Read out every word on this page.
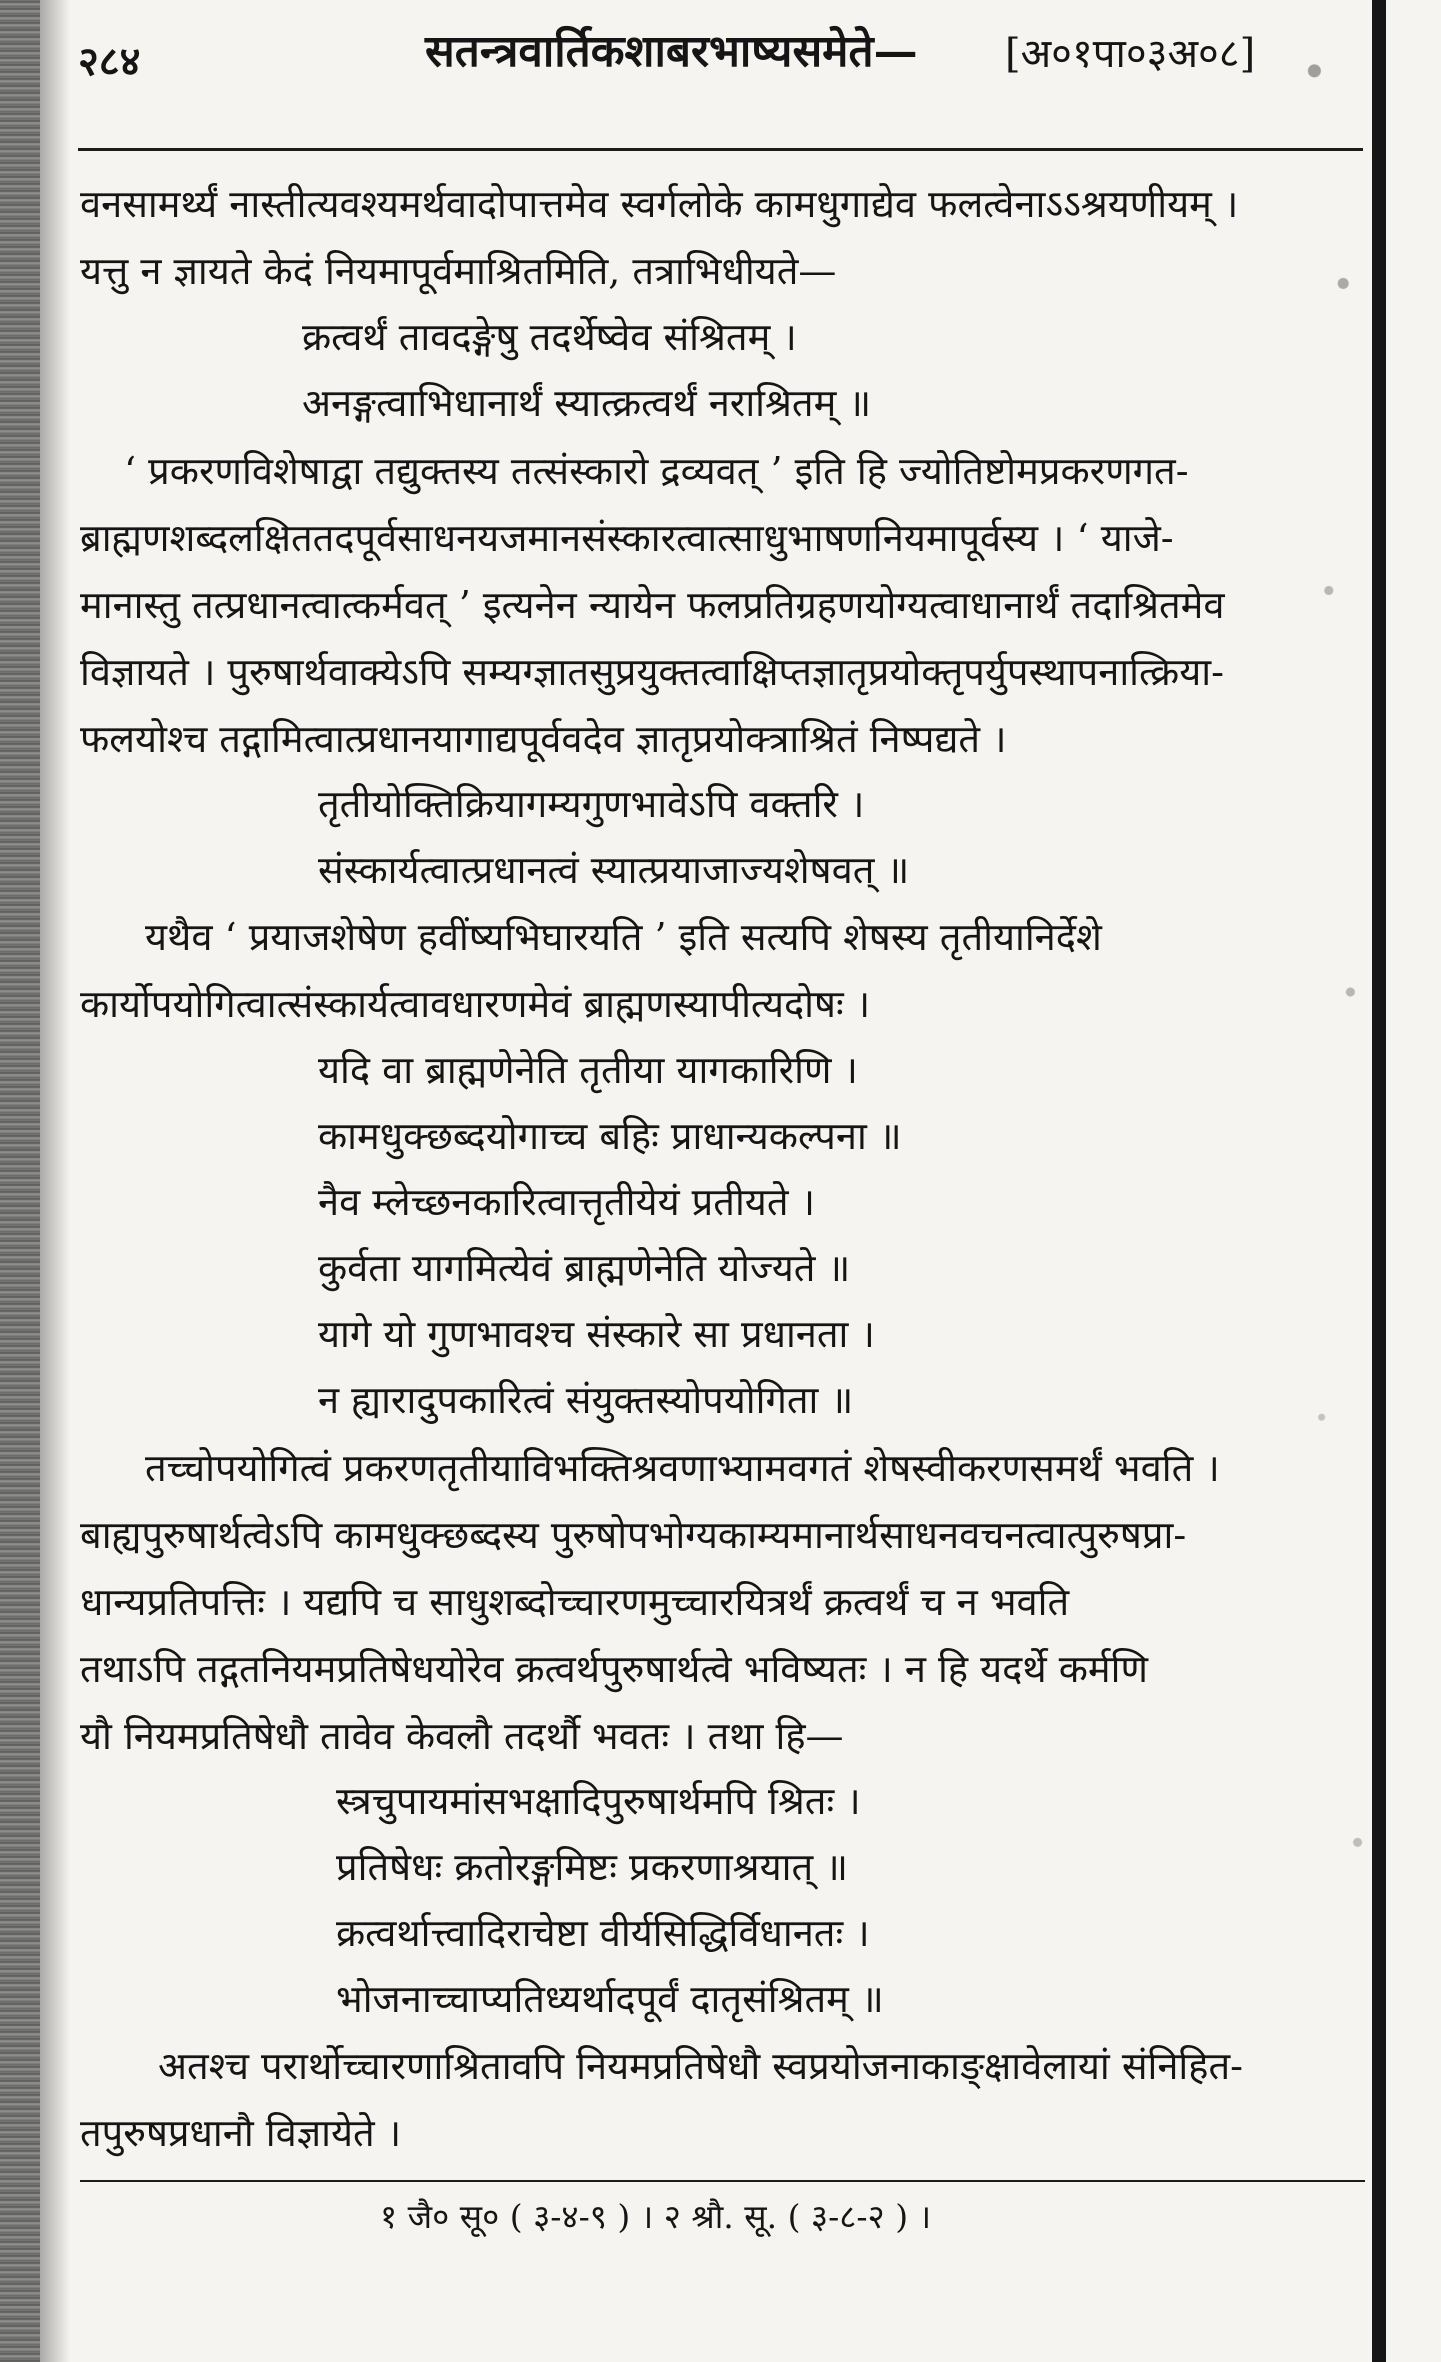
२८४	सतन्त्रवार्तिकशाबरभाष्यसमेते— [अ०१पा०३अ०८]
वनसामर्थ्यं नास्तीत्यवश्यमर्थवादोपात्तमेव स्वर्गलोके कामधुगाद्येव फलत्वेनाऽऽश्रयणीयम् ।
यत्तु न ज्ञायते केदं नियमापूर्वमाश्रितमिति, तत्राभिधीयते—
क्रत्वर्थं तावदङ्गेषु तदर्थेष्वेव संश्रितम् ।
अनङ्गत्वाभिधानार्थं स्यात्क्रत्वर्थं नराश्रितम् ॥
‘ प्रकरणविशेषाद्वा तद्युक्तस्य तत्संस्कारो द्रव्यवत् ’ इति हि ज्योतिष्टोमप्रकरणगत-
ब्राह्मणशब्दलक्षिततदपूर्वसाधनयजमानसंस्कारत्वात्साधुभाषणनियमापूर्वस्य । ‘ याजे-
मानास्तु तत्प्रधानत्वात्कर्मवत् ’ इत्यनेन न्यायेन फलप्रतिग्रहणयोग्यत्वाधानार्थं तदाश्रितमेव
विज्ञायते । पुरुषार्थवाक्येऽपि सम्यग्ज्ञातसुप्रयुक्तत्वाक्षिप्तज्ञातृप्रयोक्तृपर्युपस्थापनात्क्रिया-
फलयोश्च तद्गामित्वात्प्रधानयागाद्यपूर्ववदेव ज्ञातृप्रयोक्त्राश्रितं निष्पद्यते ।
तृतीयोक्तिक्रियागम्यगुणभावेऽपि वक्तरि ।
संस्कार्यत्वात्प्रधानत्वं स्यात्प्रयाजाज्यशेषवत् ॥
यथैव ‘ प्रयाजशेषेण हवींष्यभिघारयति ’ इति सत्यपि शेषस्य तृतीयानिर्देशे
कार्योपयोगित्वात्संस्कार्यत्वावधारणमेवं ब्राह्मणस्यापीत्यदोषः ।
यदि वा ब्राह्मणेनेति तृतीया यागकारिणि ।
कामधुक्छब्दयोगाच्च बहिः प्राधान्यकल्पना ॥
नैव म्लेच्छनकारित्वात्तृतीयेयं प्रतीयते ।
कुर्वता यागमित्येवं ब्राह्मणेनेति योज्यते ॥
यागे यो गुणभावश्च संस्कारे सा प्रधानता ।
न ह्यारादुपकारित्वं संयुक्तस्योपयोगिता ॥
तच्चोपयोगित्वं प्रकरणतृतीयाविभक्तिश्रवणाभ्यामवगतं शेषस्वीकरणसमर्थं भवति ।
बाह्यपुरुषार्थत्वेऽपि कामधुक्छब्दस्य पुरुषोपभोग्यकाम्यमानार्थसाधनवचनत्वात्पुरुषप्रा-
धान्यप्रतिपत्तिः । यद्यपि च साधुशब्दोच्चारणमुच्चारयित्रर्थं क्रत्वर्थं च न भवति
तथाऽपि तद्गतनियमप्रतिषेधयोरेव क्रत्वर्थपुरुषार्थत्वे भविष्यतः । न हि यदर्थे कर्मणि
यौ नियमप्रतिषेधौ तावेव केवलौ तदर्थौ भवतः । तथा हि—
स्त्रचुपायमांसभक्षादिपुरुषार्थमपि श्रितः ।
प्रतिषेधः क्रतोरङ्गमिष्टः प्रकरणाश्रयात् ॥
क्रत्वर्थात्त्वादिराचेष्टा वीर्यसिद्धिर्विधानतः ।
भोजनाच्चाप्यतिध्यर्थादपूर्वं दातृसंश्रितम् ॥
अतश्च परार्थोच्चारणाश्रितावपि नियमप्रतिषेधौ स्वप्रयोजनाकाङ्क्षावेलायां संनिहित-
तपुरुषप्रधानौ विज्ञायेते ।
१ जै० सू० ( ३-४-९ ) । २ श्रौ. सू. ( ३-८-२ ) ।
